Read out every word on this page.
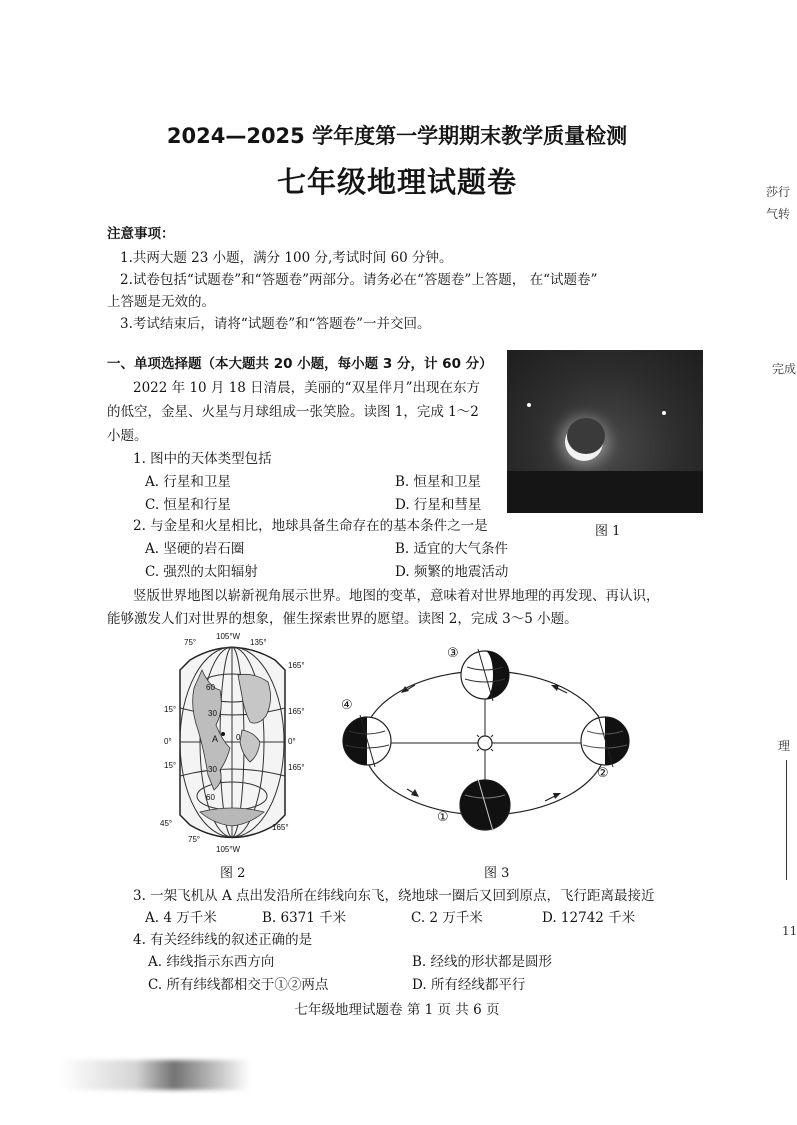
2024—2025 学年度第一学期期末教学质量检测
七年级地理试题卷
注意事项：
1.共两大题 23 小题，满分 100 分,考试时间 60 分钟。
2.试卷包括“试题卷”和“答题卷”两部分。请务必在“答题卷”上答题， 在“试题卷”
上答题是无效的。
3.考试结束后，请将“试题卷”和“答题卷”一并交回。
一、单项选择题（本大题共 20 小题，每小题 3 分，计 60 分）
2022 年 10 月 18 日清晨，美丽的“双星伴月”出现在东方
的低空，金星、火星与月球组成一张笑脸。读图 1，完成 1～2
小题。
图 1
1. 图中的天体类型包括
A. 行星和卫星	B. 恒星和卫星
C. 恒星和行星	D. 行星和彗星
2. 与金星和火星相比，地球具备生命存在的基本条件之一是
A. 坚硬的岩石圈	B. 适宜的大气条件
C. 强烈的太阳辐射	D. 频繁的地震活动
竖版世界地图以崭新视角展示世界。地图的变革，意味着对世界地理的再发现、再认识，
能够激发人们对世界的想象，催生探索世界的愿望。读图 2，完成 3～5 小题。
A
105°W
75°	135°
165°
15°
0°
15°
45°
75°
105°W
165°
0°
165°
165°
60
30
0
30
60
图 2
③
①
④
②
图 3
3. 一架飞机从 A 点出发沿所在纬线向东飞，绕地球一圈后又回到原点，飞行距离最接近
A. 4 万千米	B. 6371 千米	C. 2 万千米	D. 12742 千米
4. 有关经纬线的叙述正确的是
A. 纬线指示东西方向	B. 经线的形状都是圆形
C. 所有纬线都相交于①②两点	D. 所有经线都平行
七年级地理试题卷 第 1 页 共 6 页
莎行
气转
完成
理
11
